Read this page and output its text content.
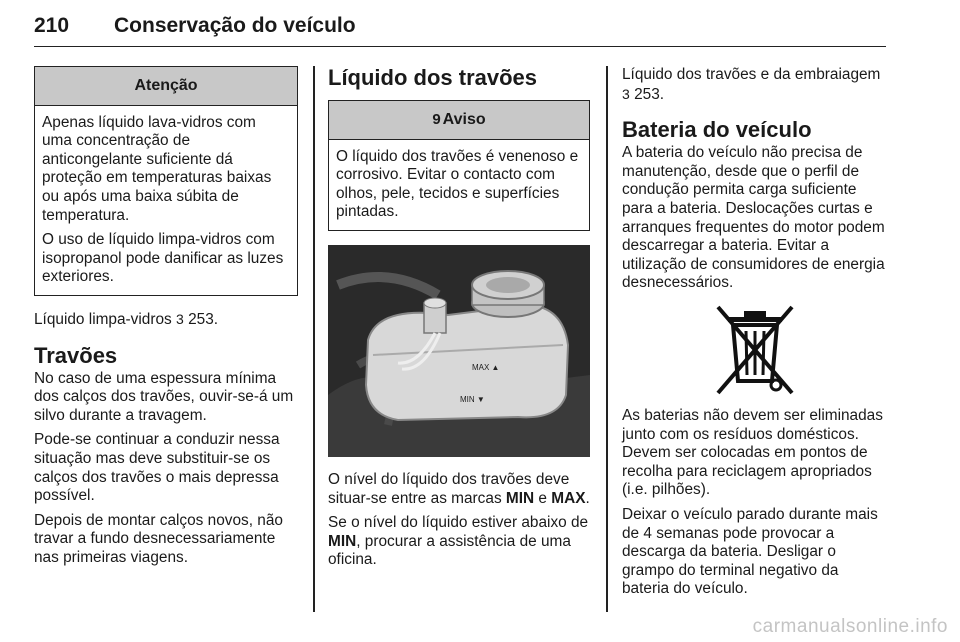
210 Conservação do veículo
Atenção

Apenas líquido lava-vidros com uma concentração de anticongelante suficiente dá proteção em temperaturas baixas ou após uma baixa súbita de temperatura.

O uso de líquido limpa-vidros com isopropanol pode danificar as luzes exteriores.

Líquido limpa-vidros 3 253.

Travões

No caso de uma espessura mínima dos calços dos travões, ouvir-se-á um silvo durante a travagem.

Pode-se continuar a conduzir nessa situação mas deve substituir-se os calços dos travões o mais depressa possível.

Depois de montar calços novos, não travar a fundo desnecessariamente nas primeiras viagens.

Líquido dos travões
9 Aviso

O líquido dos travões é venenoso e corrosivo. Evitar o contacto com olhos, pele, tecidos e superfícies pintadas.

MAX ▲
MIN ▼

O nível do líquido dos travões deve situar-se entre as marcas MIN e MAX.

Se o nível do líquido estiver abaixo de MIN, procurar a assistência de uma oficina.

Líquido dos travões e da embraiagem 3 253.

Bateria do veículo

A bateria do veículo não precisa de manutenção, desde que o perfil de condução permita carga suficiente para a bateria. Deslocações curtas e arranques frequentes do motor podem descarregar a bateria. Evitar a utilização de consumidores de energia desnecessários.

As baterias não devem ser eliminadas junto com os resíduos domésticos. Devem ser colocadas em pontos de recolha para reciclagem apropriados (i.e. pilhões).

Deixar o veículo parado durante mais de 4 semanas pode provocar a descarga da bateria. Desligar o grampo do terminal negativo da bateria do veículo.

carmanualsonline.info
